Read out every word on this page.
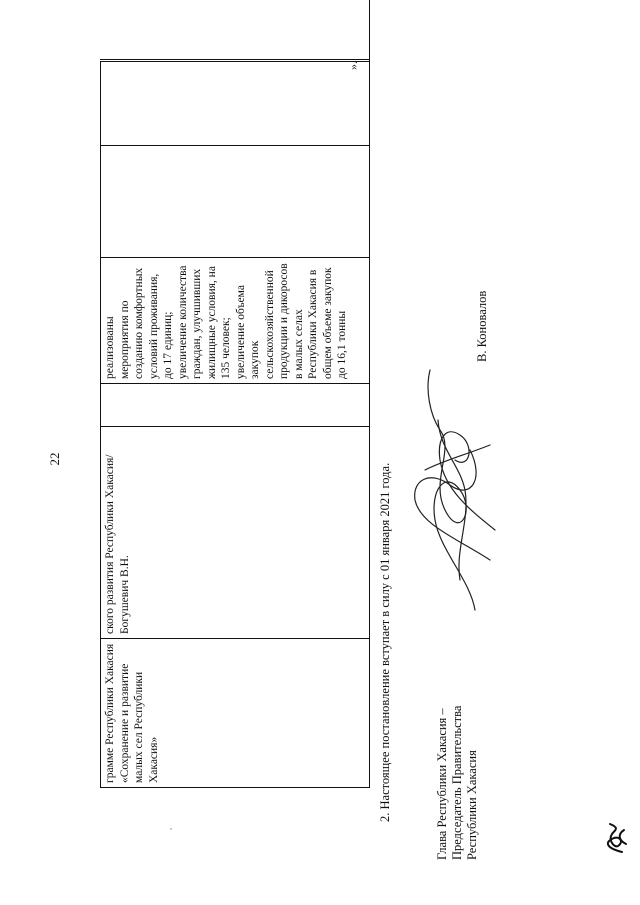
22
грамме Республики Хакасия «Сохранение и развитие малых сел Республики Хакасия»
ского развития Республики Хакасия/Богушевич В.Н.
реализованы мероприятия по созданию комфортных условий проживания, до 17 единиц; увеличение количества граждан, улучшивших жилищные условия, на 135 человек; увеличение объема закупок сельскохозяйственной продукции и дикоросов в малых селах Республики Хакасия в общем объеме закупок до 16,1 тонны
».
2. Настоящее постановление вступает в силу с 01 января 2021 года.	Глава Республики Хакасия – Председатель Правительства Республики Хакасия
В. Коновалов
